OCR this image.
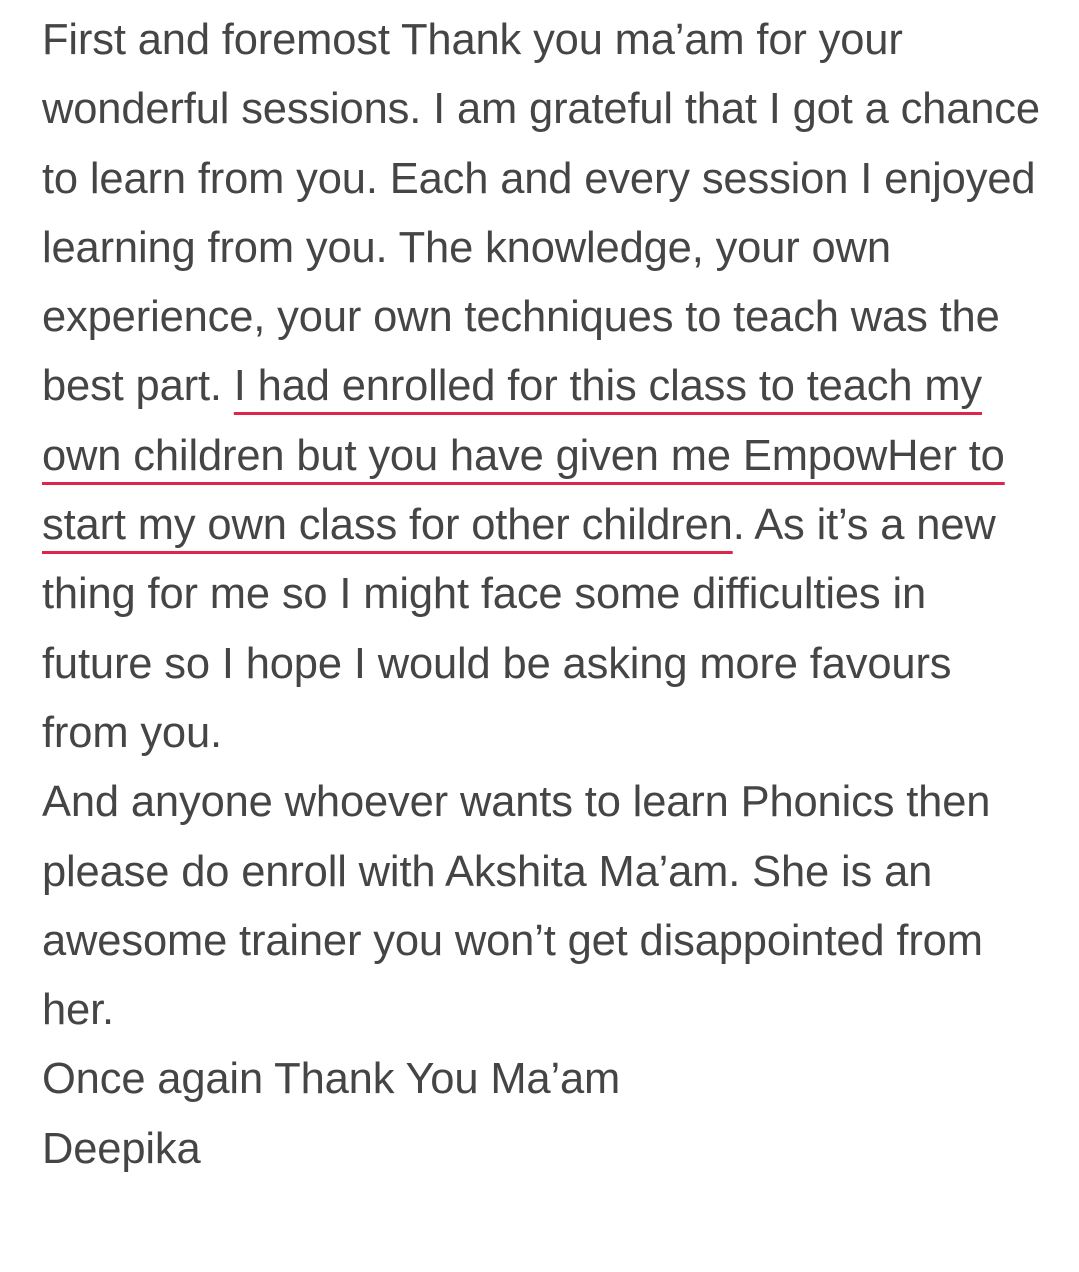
First and foremost Thank you ma’am for your wonderful sessions. I am grateful that I got a chance to learn from you. Each and every session I enjoyed learning from you. The knowledge, your own experience, your own techniques to teach was the best part. I had enrolled for this class to teach my own children but you have given me EmpowHer to start my own class for other children. As it’s a new thing for me so I might face some difficulties in future so I hope I would be asking more favours from you.

And anyone whoever wants to learn Phonics then please do enroll with Akshita Ma’am. She is an awesome trainer you won’t get disappointed from her.

Once again Thank You Ma’am

Deepika
